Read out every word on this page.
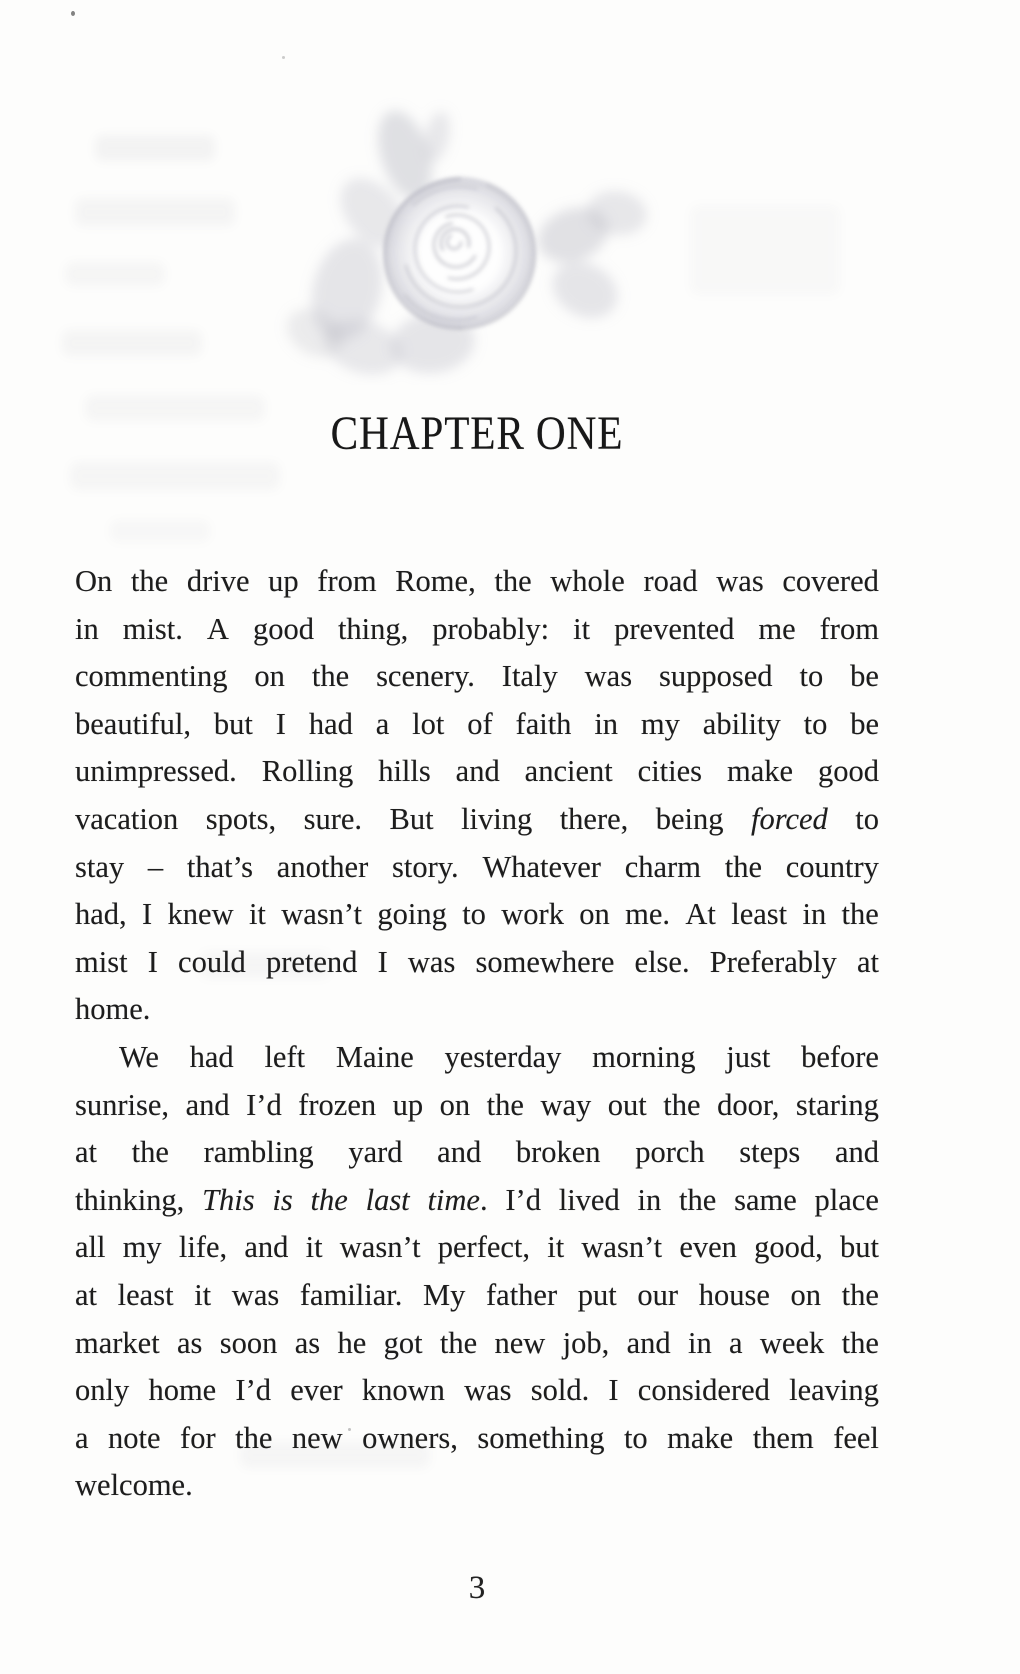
CHAPTER ONE
On the drive up from Rome, the whole road was covered
in mist. A good thing, probably: it prevented me from
commenting on the scenery. Italy was supposed to be
beautiful, but I had a lot of faith in my ability to be
unimpressed. Rolling hills and ancient cities make good
vacation spots, sure. But living there, being forced to
stay – that’s another story. Whatever charm the country
had, I knew it wasn’t going to work on me. At least in the
mist I could pretend I was somewhere else. Preferably at
home.
We had left Maine yesterday morning just before
sunrise, and I’d frozen up on the way out the door, staring
at the rambling yard and broken porch steps and
thinking, This is the last time. I’d lived in the same place
all my life, and it wasn’t perfect, it wasn’t even good, but
at least it was familiar. My father put our house on the
market as soon as he got the new job, and in a week the
only home I’d ever known was sold. I considered leaving
a note for the new owners, something to make them feel
welcome.
3
